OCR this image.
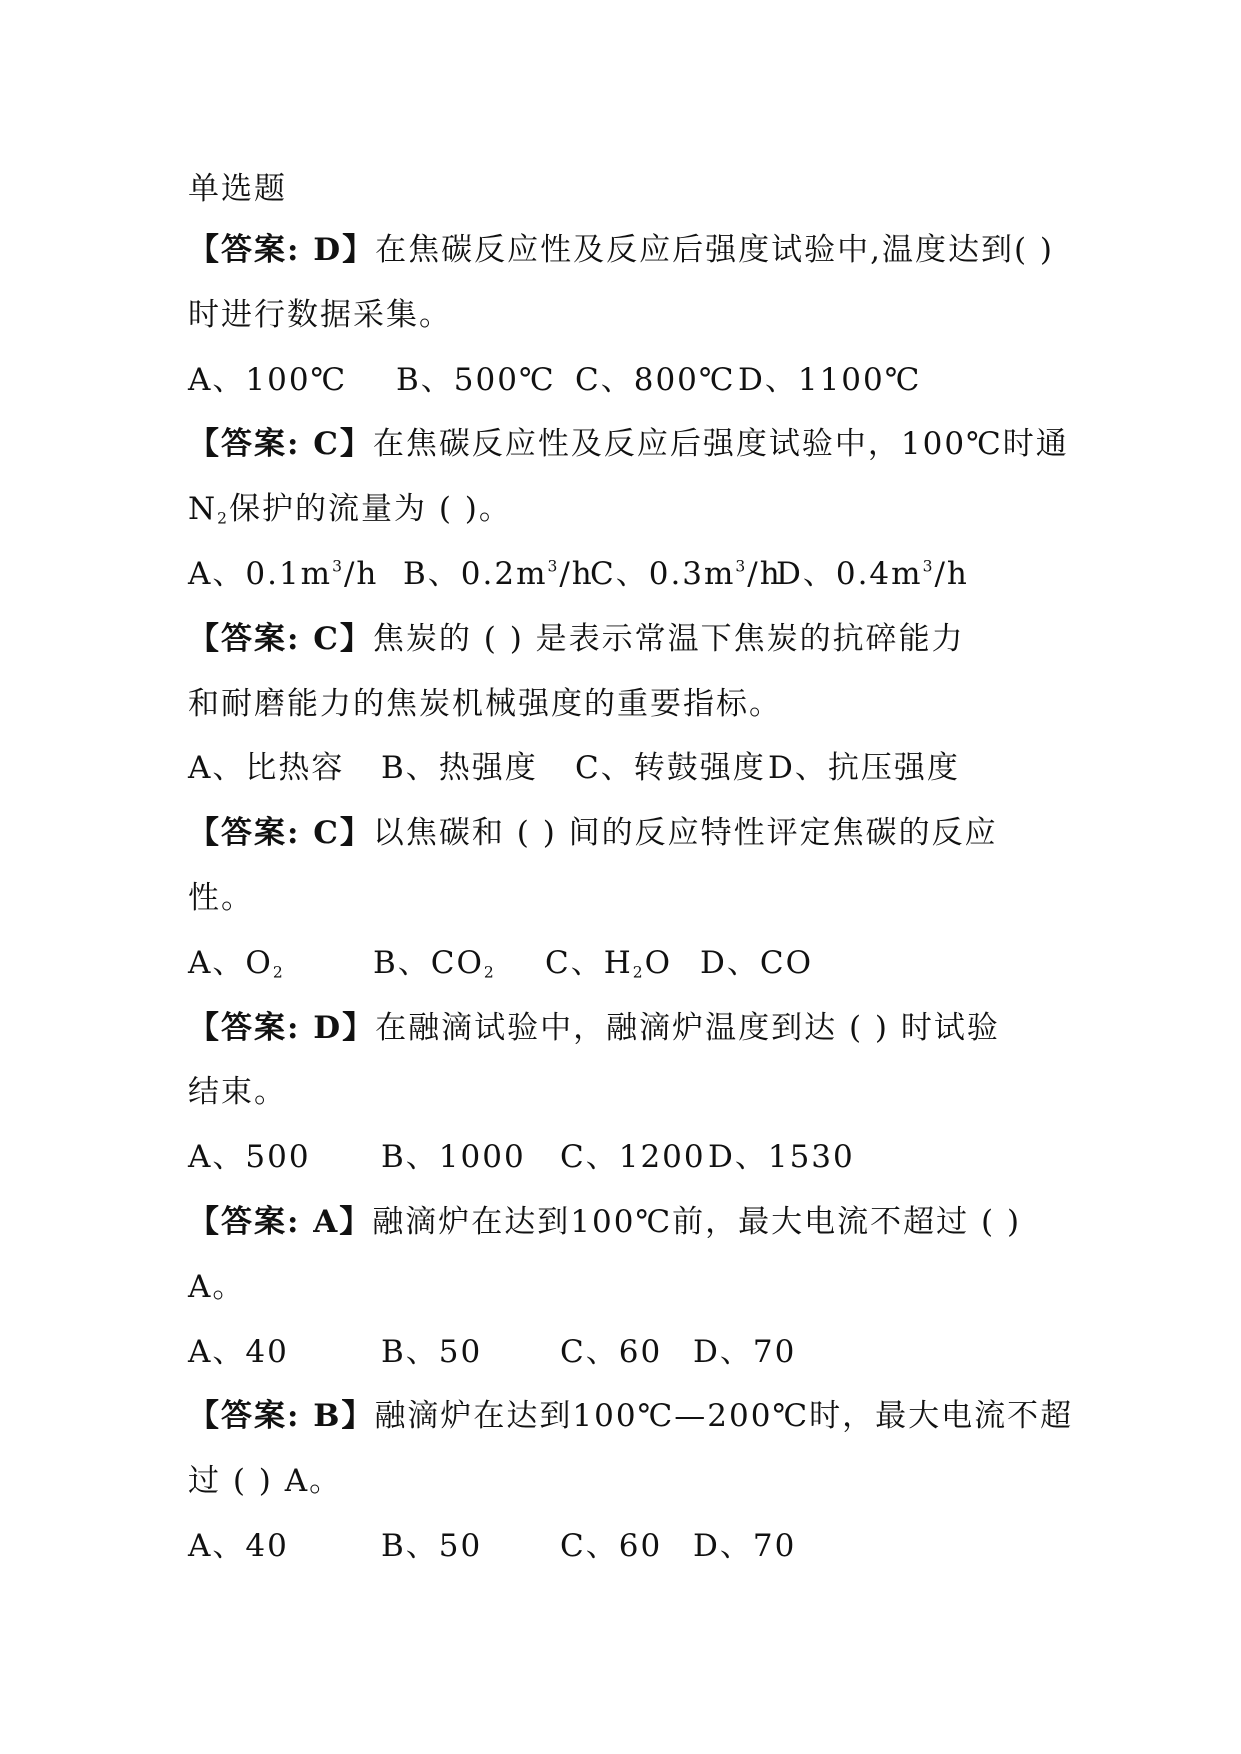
单选题
【答案: D】在焦碳反应性及反应后强度试验中,温度达到( )
时进行数据采集。
A、100℃ B、500℃ C、800℃ D、1100℃
【答案: C】在焦碳反应性及反应后强度试验中，100℃时通
$N_2$保护的流量为 ( )。
A、$0.1m^3/h$ B、$0.2m^3/h$
C、$0.3m^3/h$
D、$0.4m^3/h$
【答案: C】焦炭的 ( ) 是表示常温下焦炭的抗碎能力
和耐磨能力的焦炭机械强度的重要指标。
A、比热容 B、热强度 C、转鼓强度 D、抗压强度
【答案: C】以焦碳和 ( ) 间的反应特性评定焦碳的反应
性。
A、$O_2$	B、$CO_2$ C、$H_2O$ D、CO
【答案: D】在融滴试验中，融滴炉温度到达 ( ) 时试验
结束。
A、500 B、1000 C、1200 D、1530
【答案: A】融滴炉在达到100℃前，最大电流不超过 ( )
A。
A、40	B、50	C、60 D、70
【答案: B】融滴炉在达到100℃—200℃时，最大电流不超
过 ( ) A。
A、40	B、50	C、60 D、70
